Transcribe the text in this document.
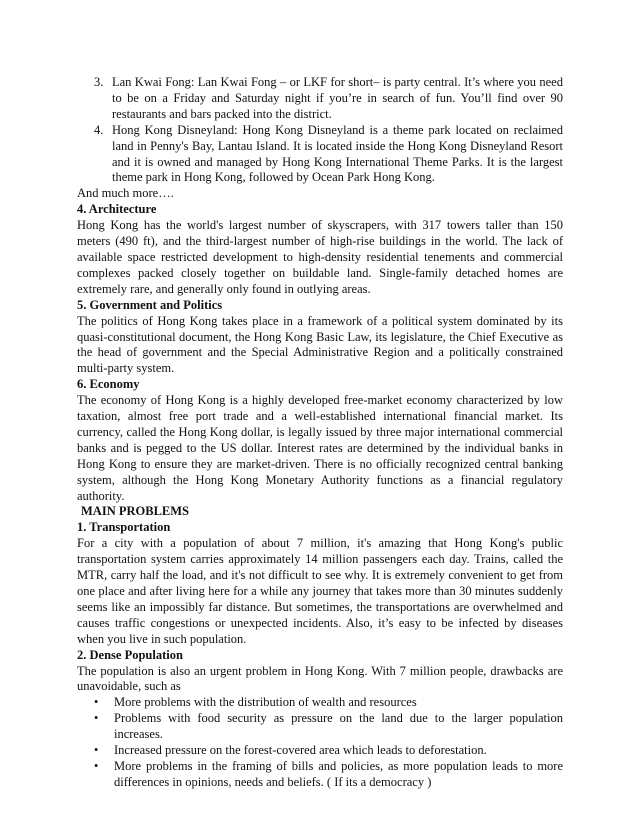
3. Lan Kwai Fong: Lan Kwai Fong – or LKF for short– is party central. It’s where you need to be on a Friday and Saturday night if you’re in search of fun. You’ll find over 90 restaurants and bars packed into the district.
4. Hong Kong Disneyland: Hong Kong Disneyland is a theme park located on reclaimed land in Penny's Bay, Lantau Island. It is located inside the Hong Kong Disneyland Resort and it is owned and managed by Hong Kong International Theme Parks. It is the largest theme park in Hong Kong, followed by Ocean Park Hong Kong.

And much more….

4. Architecture

Hong Kong has the world's largest number of skyscrapers, with 317 towers taller than 150 meters (490 ft), and the third-largest number of high-rise buildings in the world. The lack of available space restricted development to high-density residential tenements and commercial complexes packed closely together on buildable land. Single-family detached homes are extremely rare, and generally only found in outlying areas.

5. Government and Politics

The politics of Hong Kong takes place in a framework of a political system dominated by its quasi-constitutional document, the Hong Kong Basic Law, its legislature, the Chief Executive as the head of government and the Special Administrative Region and a politically constrained multi-party system.

6. Economy

The economy of Hong Kong is a highly developed free-market economy characterized by low taxation, almost free port trade and a well-established international financial market. Its currency, called the Hong Kong dollar, is legally issued by three major international commercial banks and is pegged to the US dollar. Interest rates are determined by the individual banks in Hong Kong to ensure they are market-driven. There is no officially recognized central banking system, although the Hong Kong Monetary Authority functions as a financial regulatory authority.

MAIN PROBLEMS

1. Transportation

For a city with a population of about 7 million, it's amazing that Hong Kong's public transportation system carries approximately 14 million passengers each day. Trains, called the MTR, carry half the load, and it's not difficult to see why. It is extremely convenient to get from one place and after living here for a while any journey that takes more than 30 minutes suddenly seems like an impossibly far distance. But sometimes, the transportations are overwhelmed and causes traffic congestions or unexpected incidents. Also, it’s easy to be infected by diseases when you live in such population.

2. Dense Population

The population is also an urgent problem in Hong Kong. With 7 million people, drawbacks are unavoidable, such as

• More problems with the distribution of wealth and resources
• Problems with food security as pressure on the land due to the larger population increases.
• Increased pressure on the forest-covered area which leads to deforestation.
• More problems in the framing of bills and policies, as more population leads to more differences in opinions, needs and beliefs. ( If its a democracy )
